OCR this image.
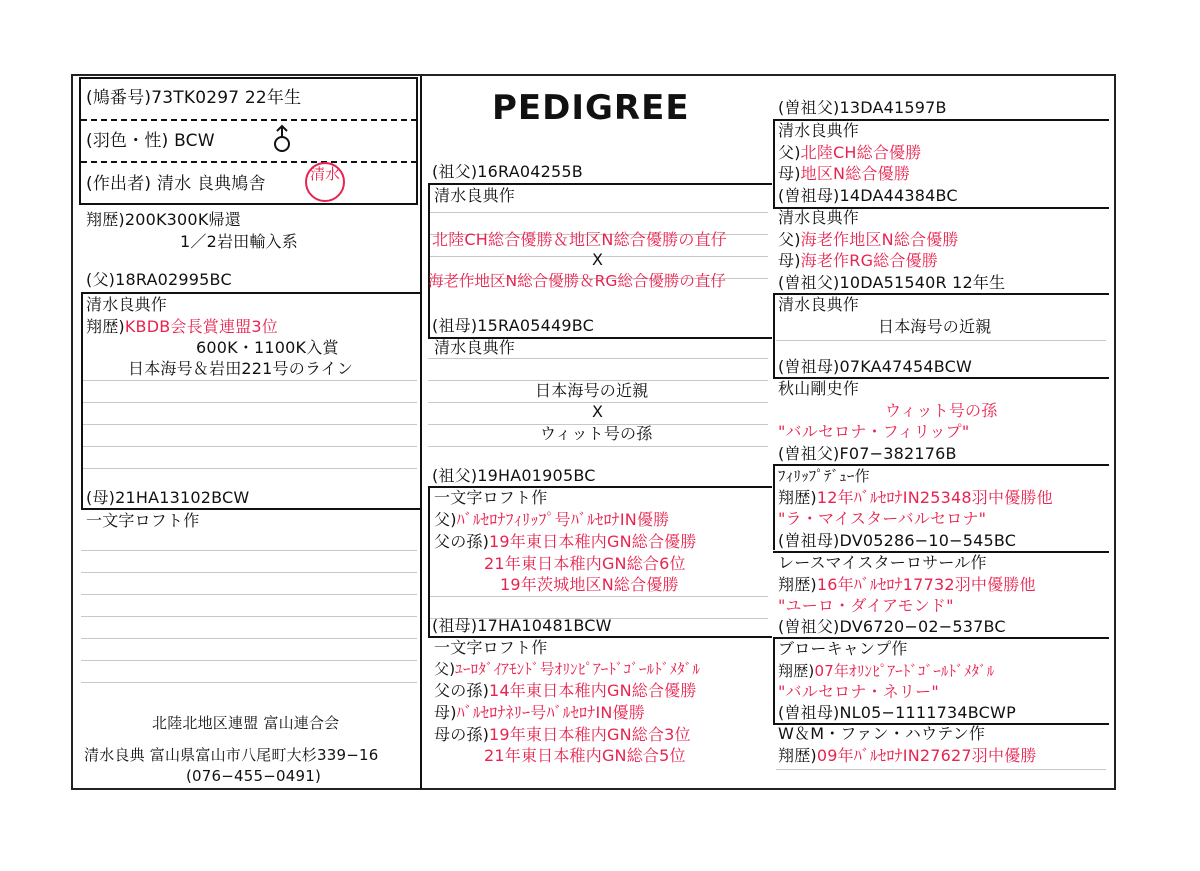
PEDIGREE
(鳩番号)73TK0297 22年生
(羽色・性) BCW
(作出者) 清水 良典鳩舎	清水
翔歴)200K300K帰還
1／2岩田輸入系
(父)18RA02995BC
清水良典作
翔歴)KBDB会長賞連盟3位
600K・1100K入賞
日本海号＆岩田221号のライン
(母)21HA13102BCW
一文字ロフト作
北陸北地区連盟 富山連合会
清水良典 富山県富山市八尾町大杉339−16
(076−455−0491)
(祖父)16RA04255B
清水良典作
北陸CH総合優勝＆地区N総合優勝の直仔
X
海老作地区N総合優勝＆RG総合優勝の直仔
(祖母)15RA05449BC
清水良典作
日本海号の近親
X
ウィット号の孫
(祖父)19HA01905BC
一文字ロフト作
父)ﾊﾞﾙｾﾛﾅﾌｨﾘｯﾌﾟ号ﾊﾞﾙｾﾛﾅIN優勝
父の孫)19年東日本稚内GN総合優勝
21年東日本稚内GN総合6位
19年茨城地区N総合優勝
(祖母)17HA10481BCW
一文字ロフト作
父)ﾕｰﾛﾀﾞｲｱﾓﾝﾄﾞ号ｵﾘﾝﾋﾟｱｰﾄﾞｺﾞｰﾙﾄﾞﾒﾀﾞﾙ
父の孫)14年東日本稚内GN総合優勝
母)ﾊﾞﾙｾﾛﾅﾈﾘｰ号ﾊﾞﾙｾﾛﾅIN優勝
母の孫)19年東日本稚内GN総合3位
21年東日本稚内GN総合5位
(曽祖父)13DA41597B
清水良典作
父)北陸CH総合優勝
母)地区N総合優勝
(曽祖母)14DA44384BC
清水良典作
父)海老作地区N総合優勝
母)海老作RG総合優勝
(曽祖父)10DA51540R 12年生
清水良典作
日本海号の近親
(曽祖母)07KA47454BCW
秋山剛史作
ウィット号の孫
"バルセロナ・フィリップ"
(曽祖父)F07−382176B
ﾌｨﾘｯﾌﾟﾃﾞｭｰ作
翔歴)12年ﾊﾞﾙｾﾛﾅIN25348羽中優勝他
"ラ・マイスターバルセロナ"
(曽祖母)DV05286−10−545BC
レースマイスターロサール作
翔歴)16年ﾊﾞﾙｾﾛﾅ17732羽中優勝他
"ユーロ・ダイアモンド"
(曽祖父)DV6720−02−537BC
ブローキャンプ作
翔歴)07年ｵﾘﾝﾋﾟｱｰﾄﾞｺﾞｰﾙﾄﾞﾒﾀﾞﾙ
"バルセロナ・ネリー"
(曽祖母)NL05−1111734BCWP
W＆M・ファン・ハウテン作
翔歴)09年ﾊﾞﾙｾﾛﾅIN27627羽中優勝
